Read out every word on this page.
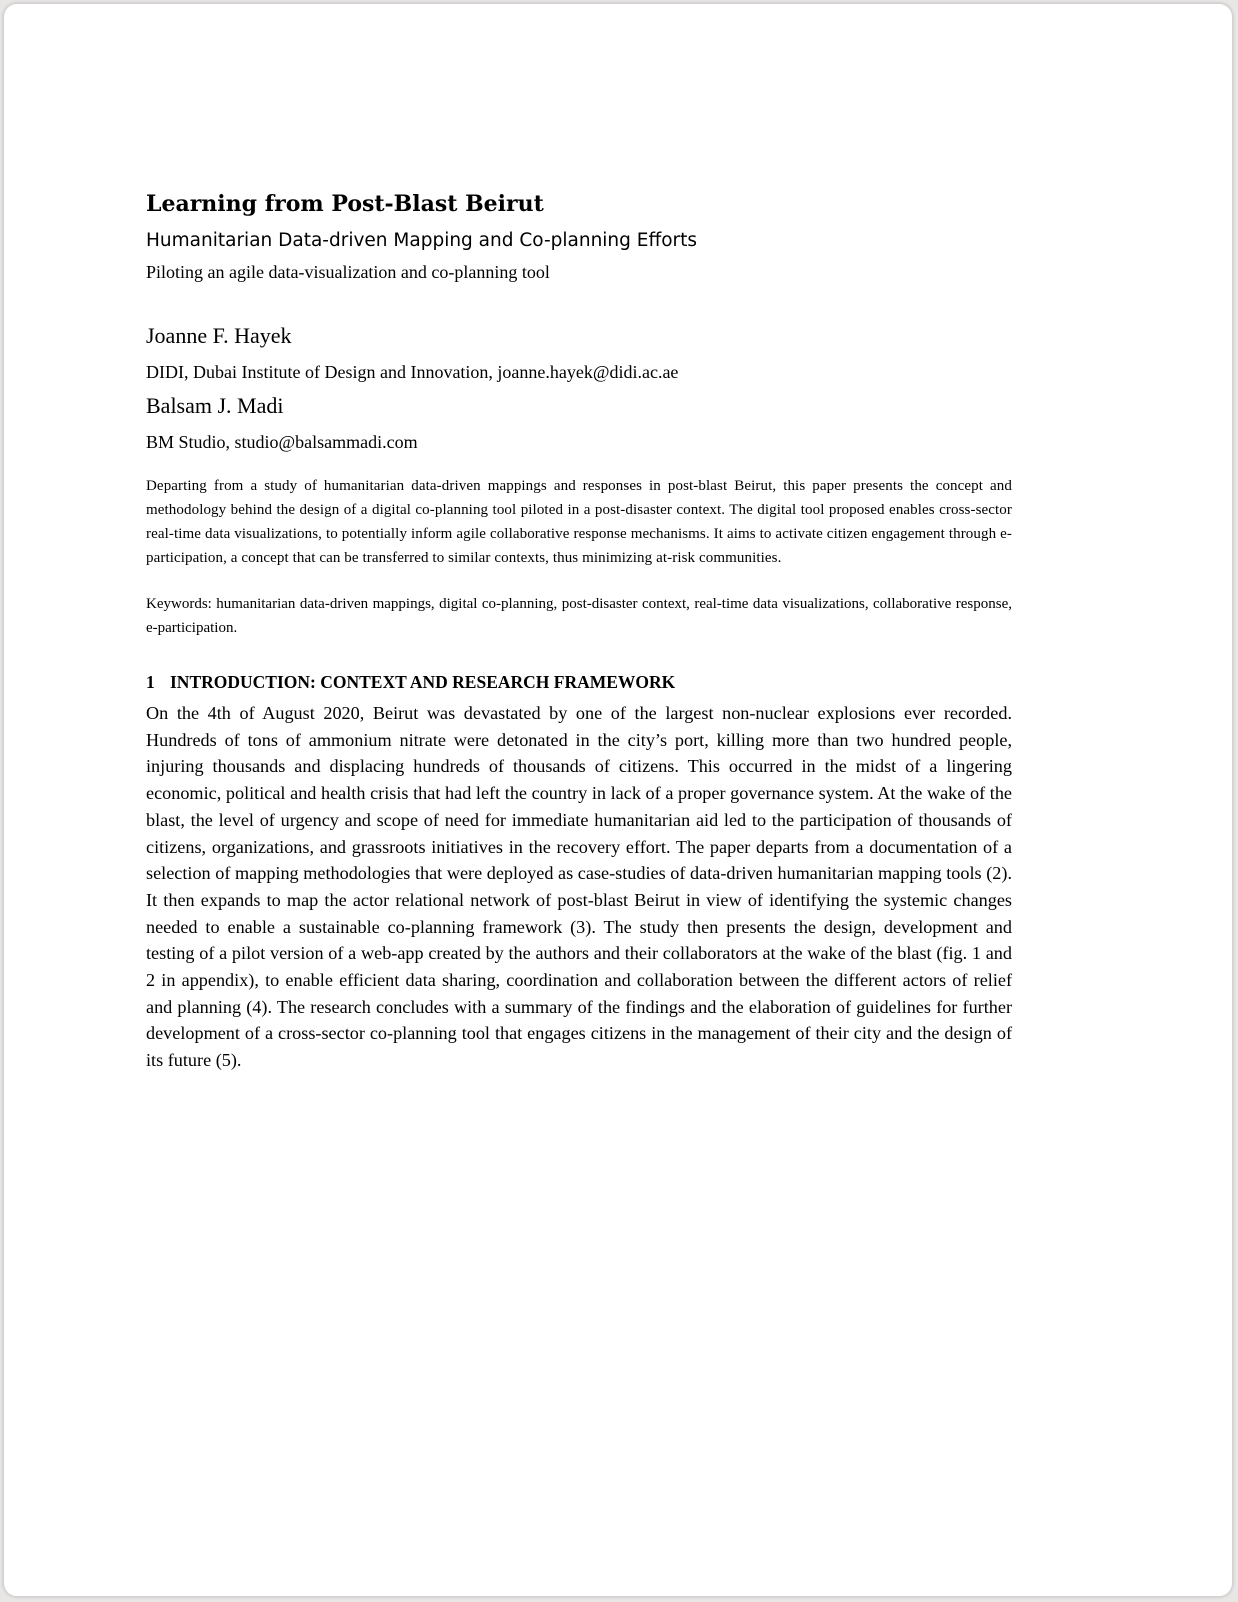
Learning from Post-Blast Beirut
Humanitarian Data-driven Mapping and Co-planning Efforts
Piloting an agile data-visualization and co-planning tool
Joanne F. Hayek
DIDI, Dubai Institute of Design and Innovation, joanne.hayek@didi.ac.ae
Balsam J. Madi
BM Studio, studio@balsammadi.com

Departing from a study of humanitarian data-driven mappings and responses in post-blast Beirut, this paper presents the concept and methodology behind the design of a digital co-planning tool piloted in a post-disaster context. The digital tool proposed enables cross-sector real-time data visualizations, to potentially inform agile collaborative response mechanisms. It aims to activate citizen engagement through e-participation, a concept that can be transferred to similar contexts, thus minimizing at-risk communities.

Keywords: humanitarian data-driven mappings, digital co-planning, post-disaster context, real-time data visualizations, collaborative response, e-participation.

1 INTRODUCTION: CONTEXT AND RESEARCH FRAMEWORK

On the 4th of August 2020, Beirut was devastated by one of the largest non-nuclear explosions ever recorded. Hundreds of tons of ammonium nitrate were detonated in the city’s port, killing more than two hundred people, injuring thousands and displacing hundreds of thousands of citizens. This occurred in the midst of a lingering economic, political and health crisis that had left the country in lack of a proper governance system. At the wake of the blast, the level of urgency and scope of need for immediate humanitarian aid led to the participation of thousands of citizens, organizations, and grassroots initiatives in the recovery effort. The paper departs from a documentation of a selection of mapping methodologies that were deployed as case-studies of data-driven humanitarian mapping tools (2). It then expands to map the actor relational network of post-blast Beirut in view of identifying the systemic changes needed to enable a sustainable co-planning framework (3). The study then presents the design, development and testing of a pilot version of a web-app created by the authors and their collaborators at the wake of the blast (fig. 1 and 2 in appendix), to enable efficient data sharing, coordination and collaboration between the different actors of relief and planning (4). The research concludes with a summary of the findings and the elaboration of guidelines for further development of a cross-sector co-planning tool that engages citizens in the management of their city and the design of its future (5).
